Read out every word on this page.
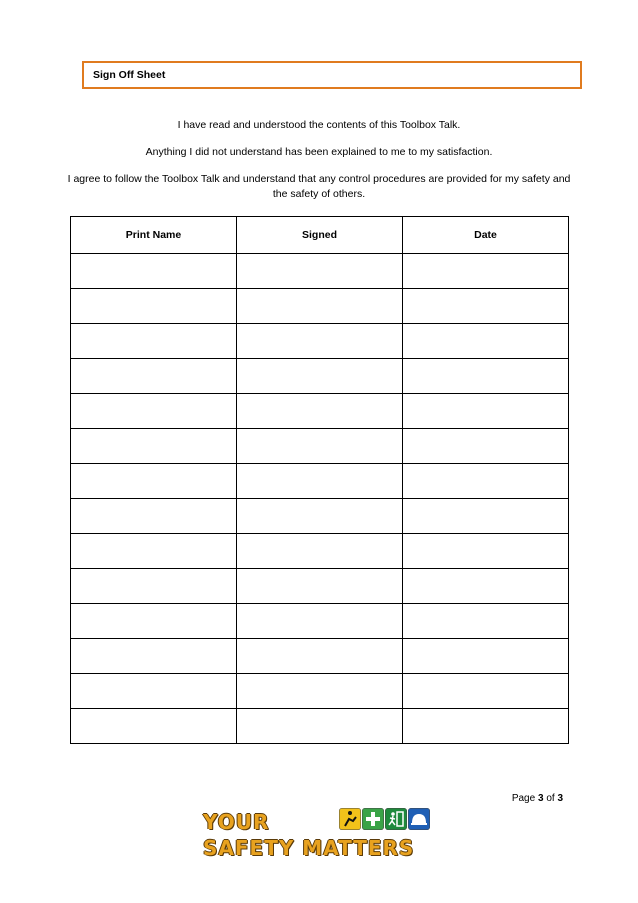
Sign Off Sheet
I have read and understood the contents of this Toolbox Talk.
Anything I did not understand has been explained to me to my satisfaction.
I agree to follow the Toolbox Talk and understand that any control procedures are provided for my safety and the safety of others.
Print Name	Signed	Date

Page 3 of 3
YOUR
SAFETY MATTERS
